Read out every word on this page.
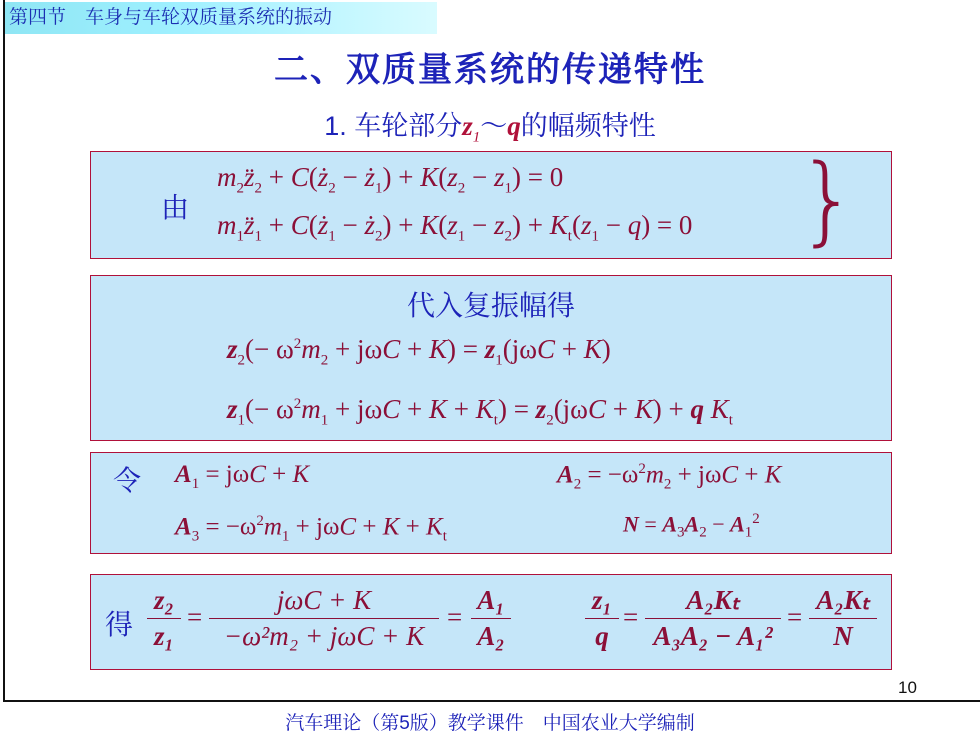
第四节　车身与车轮双质量系统的振动
二、双质量系统的传递特性
1. 车轮部分$z_1\sim q$的幅频特性
由
$m_2z̈_2$ + $C(ż_2$ − $ż_1) + K(z_2 - z_1) = 0$
$m_1z̈_1$ + $C(ż_1$ − $ż_2) + K(z_1 - z_2) + K_t(z_1 - q) = 0$ }
代入复振幅得
$z_2(- \omega^2m_2 + j\omega C + K) = z_1(j\omega C + K)$
$z_1(- \omega^2m_1 + j\omega C + K + K_t) = z_2(j\omega C + K) + q$ $K_t$
令 $A_1 = j\omega C + K$	$A_2 = -\omega^2m_2 + j\omega C + K$
$A_3 = -\omega^2m_1 + j\omega C + K + K_t$	$N = A_3A_2 - A_1^2$
得
z₂
z₁
=
jωC + K
−ω²m₂ + jωC + K
=
A₁
A₂
z₁
q
=
A₂Kₜ
A₃A₂ − A₁²
=
A₂Kₜ
N
10
汽车理论（第5版）教学课件　中国农业大学编制
